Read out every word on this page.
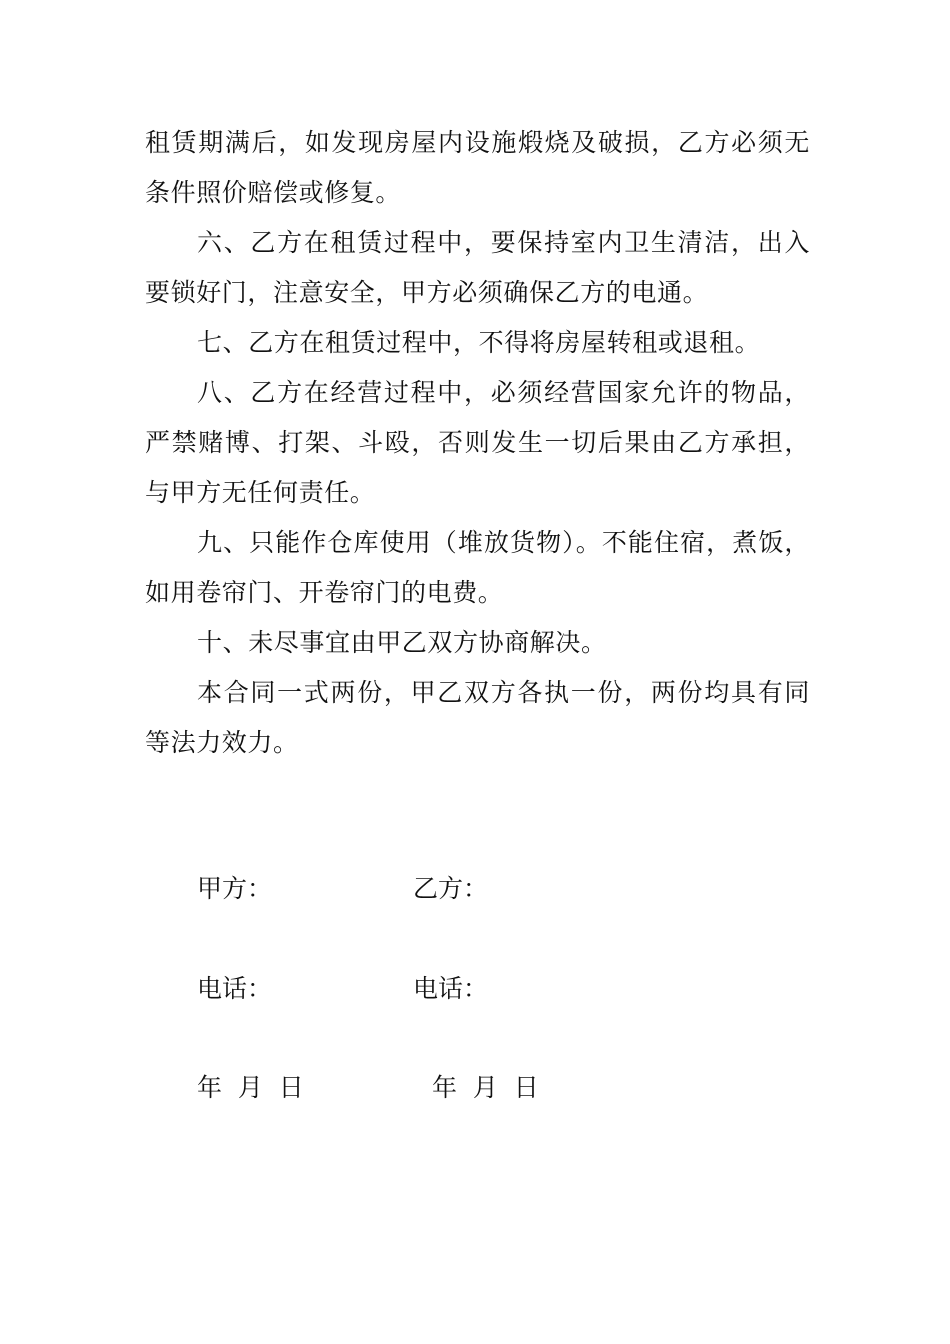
租赁期满后，如发现房屋内设施煅烧及破损，乙方必须无条件照价赔偿或修复。

六、乙方在租赁过程中，要保持室内卫生清洁，出入要锁好门，注意安全，甲方必须确保乙方的电通。

七、乙方在租赁过程中，不得将房屋转租或退租。

八、乙方在经营过程中，必须经营国家允许的物品，严禁赌博、打架、斗殴，否则发生一切后果由乙方承担，与甲方无任何责任。

九、只能作仓库使用（堆放货物）。不能住宿，煮饭，如用卷帘门、开卷帘门的电费。

十、未尽事宜由甲乙双方协商解决。

本合同一式两份，甲乙双方各执一份，两份均具有同等法力效力。

甲方：	乙方：
电话：	电话：
年  月  日	年  月  日
